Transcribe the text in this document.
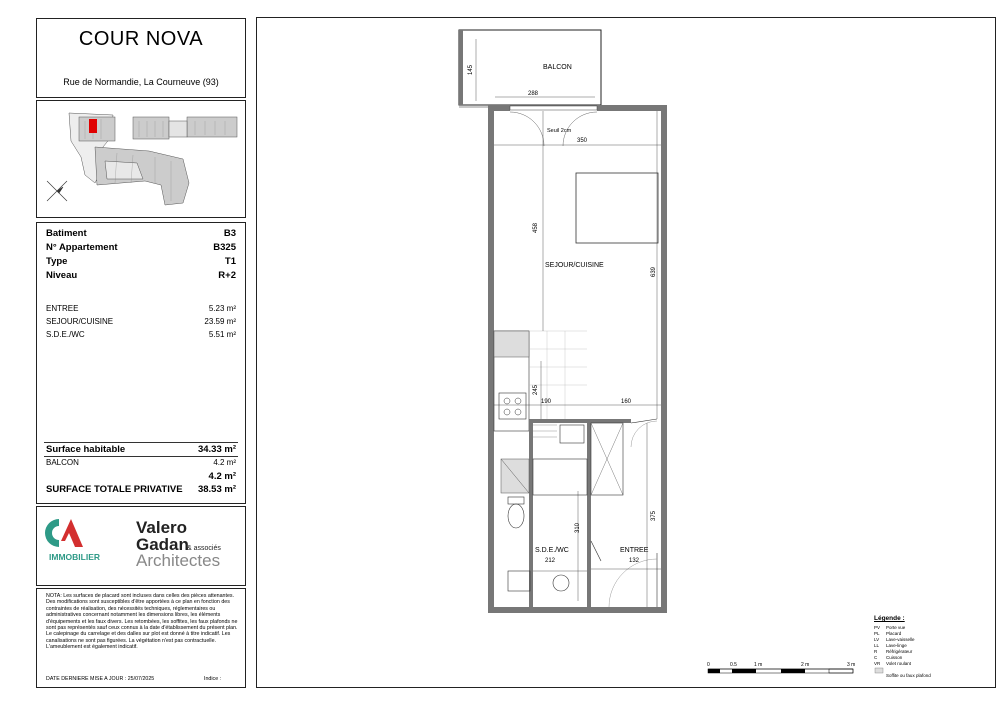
COUR NOVA
Rue de Normandie, La Courneuve (93)
Batiment	B3
N° Appartement	B325
Type	T1
Niveau	R+2
ENTREE	5.23 m²
SEJOUR/CUISINE	23.59 m²
S.D.E./WC	5.51 m²
Surface habitable	34.33 m²
BALCON	4.2 m²
4.2 m²
SURFACE TOTALE PRIVATIVE 38.53 m²
IMMOBILIER
Valero
Gadan
& associés
Architectes
NOTA: Les surfaces de placard sont incluses dans celles des pièces attenantes. Des modifications sont susceptibles d'être apportées à ce plan en fonction des contraintes de réalisation, des nécessités techniques, réglementaires ou administratives concernant notamment les dimensions libres, les éléments d'équipements et les faux divers. Les retombées, les soffites, les faux plafonds ne sont pas représentés sauf ceux connus à la date d'établissement du présent plan. Le calepinage du carrelage et des dalles sur plot est donné à titre indicatif. Les canalisations ne sont pas figurées. La végétation n'est pas contractuelle. L'ameublement est également indicatif.
DATE DERNIERE MISE A JOUR : 25/07/2025	Indice :
BALCON
SEJOUR/CUISINE
S.D.E./WC	ENTREE
145
288
Seuil 2cm
350
458
639
245
190	160
375
310
212	132
0	0.5	1 m	2 m	3 m
Légende :
PV Porte vue
PL Placard
LV Lave-vaisselle
LL Lave-linge
R Réfrigérateur
C Cuisson
VR Volet roulant
Soffite ou faux plafond
